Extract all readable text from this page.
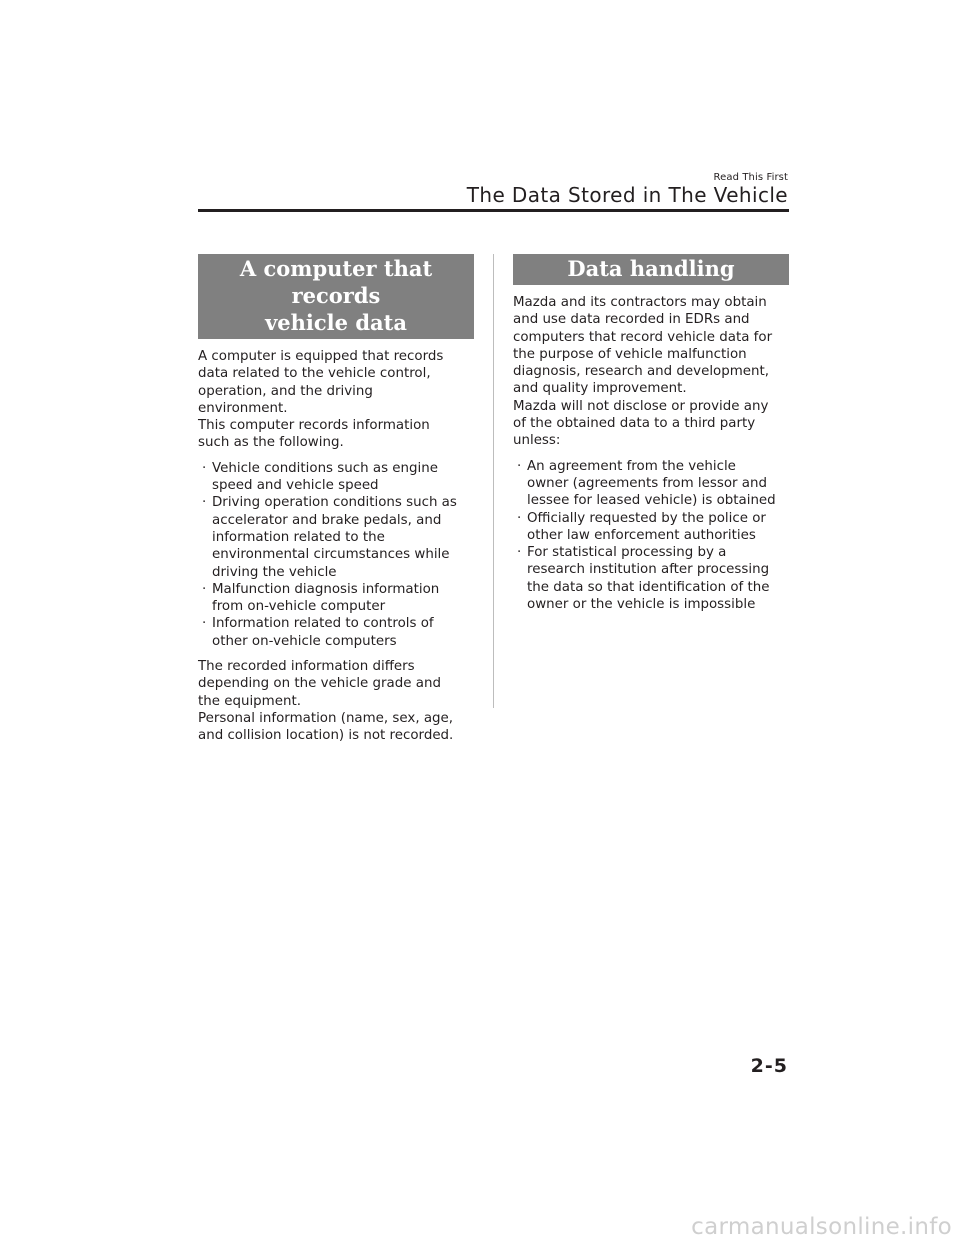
Read This First
The Data Stored in The Vehicle
A computer that records
vehicle data

A computer is equipped that records
data related to the vehicle control,
operation, and the driving
environment.
This computer records information
such as the following.

· Vehicle conditions such as engine
speed and vehicle speed
· Driving operation conditions such as
accelerator and brake pedals, and
information related to the
environmental circumstances while
driving the vehicle
· Malfunction diagnosis information
from on-vehicle computer
· Information related to controls of
other on-vehicle computers

The recorded information differs
depending on the vehicle grade and
the equipment.
Personal information (name, sex, age,
and collision location) is not recorded.

Data handling

Mazda and its contractors may obtain
and use data recorded in EDRs and
computers that record vehicle data for
the purpose of vehicle malfunction
diagnosis, research and development,
and quality improvement.
Mazda will not disclose or provide any
of the obtained data to a third party
unless:

· An agreement from the vehicle
owner (agreements from lessor and
lessee for leased vehicle) is obtained
· Officially requested by the police or
other law enforcement authorities
· For statistical processing by a
research institution after processing
the data so that identification of the
owner or the vehicle is impossible
2-5
carmanualsonline.info
